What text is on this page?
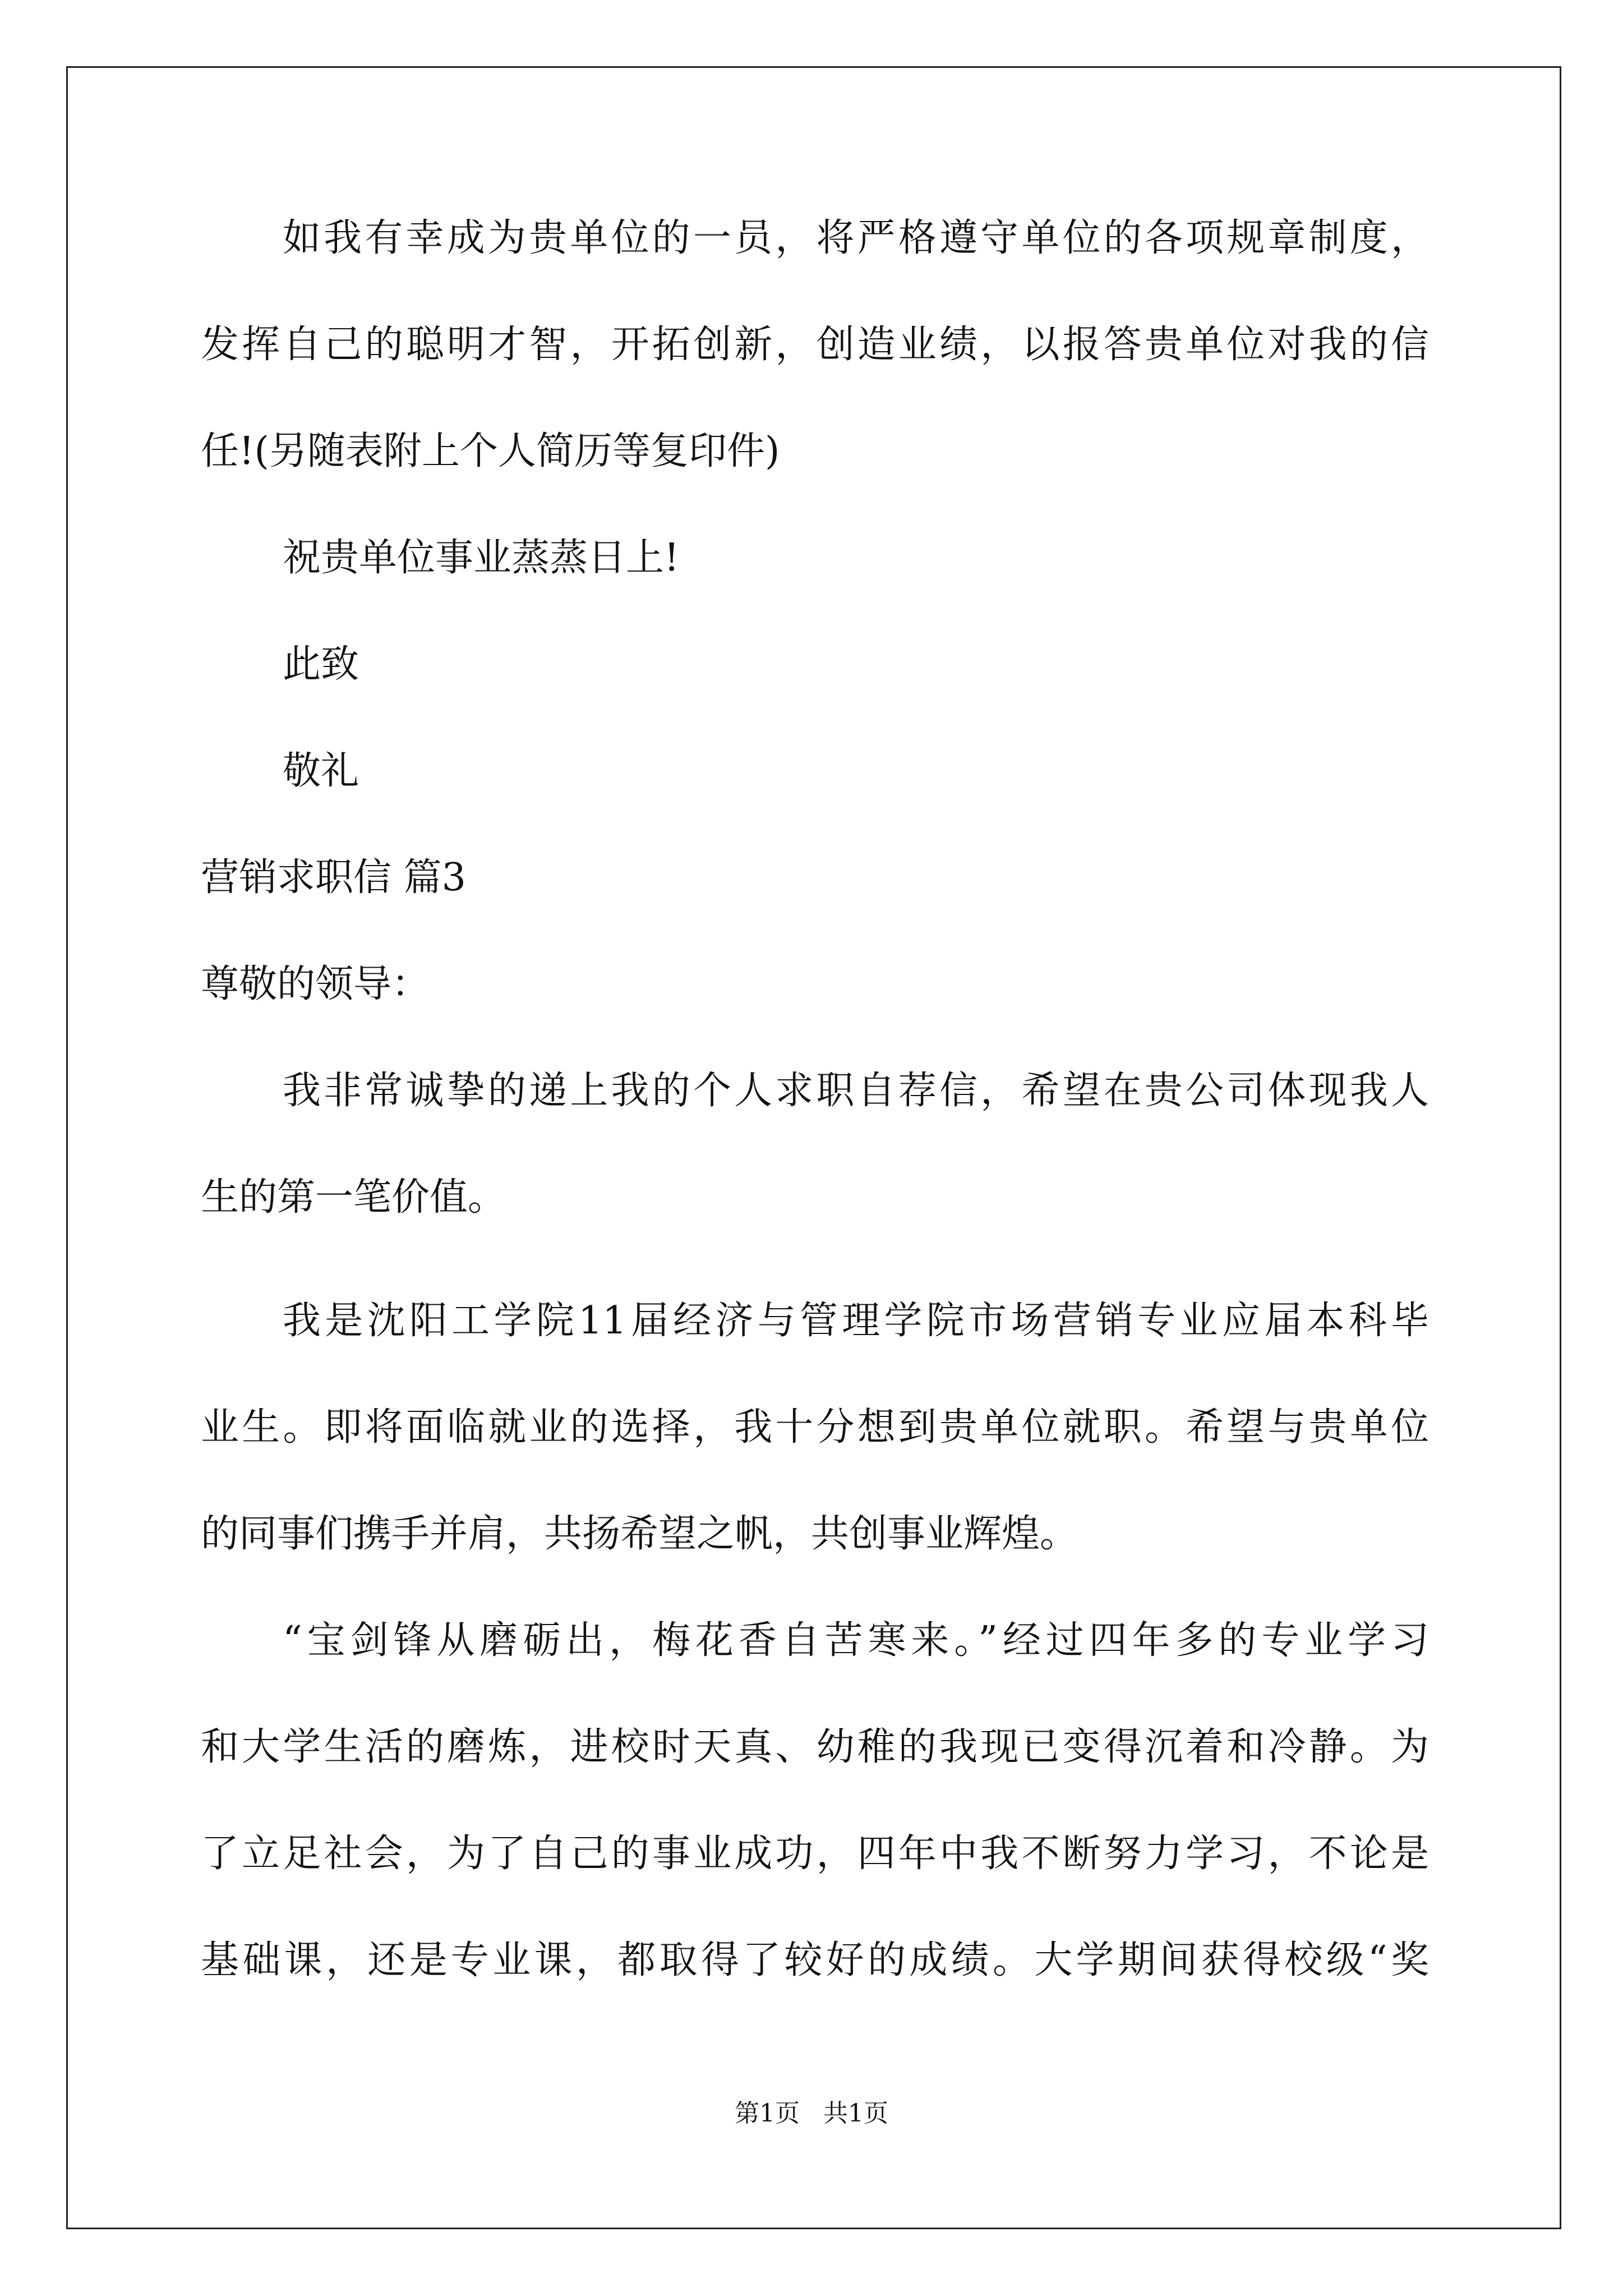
如我有幸成为贵单位的一员，将严格遵守单位的各项规章制度，
发挥自己的聪明才智，开拓创新，创造业绩，以报答贵单位对我的信
任!(另随表附上个人简历等复印件)
祝贵单位事业蒸蒸日上!
此致
敬礼
营销求职信 篇3
尊敬的领导：
我非常诚挚的递上我的个人求职自荐信，希望在贵公司体现我人
生的第一笔价值。
我是沈阳工学院11届经济与管理学院市场营销专业应届本科毕
业生。即将面临就业的选择，我十分想到贵单位就职。希望与贵单位
的同事们携手并肩，共扬希望之帆，共创事业辉煌。
“宝剑锋从磨砺出，梅花香自苦寒来。”经过四年多的专业学习
和大学生活的磨炼，进校时天真、幼稚的我现已变得沉着和冷静。为
了立足社会，为了自己的事业成功，四年中我不断努力学习，不论是
基础课，还是专业课，都取得了较好的成绩。大学期间获得校级“奖
第1页   共1页
